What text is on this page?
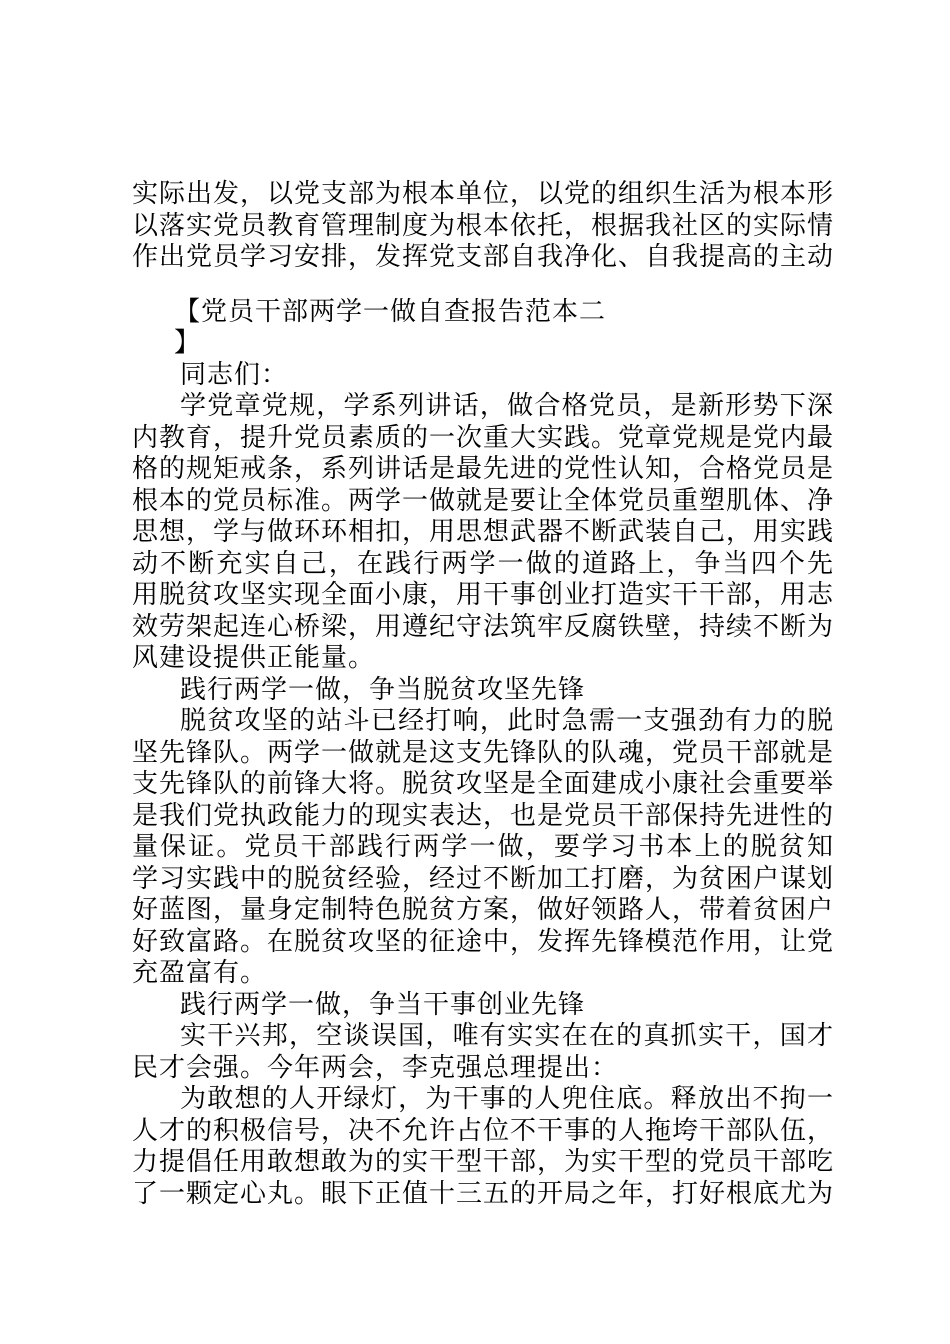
实际出发，以党支部为根本单位，以党的组织生活为根本形
以落实党员教育管理制度为根本依托，根据我社区的实际情
作出党员学习安排，发挥党支部自我净化、自我提高的主动
【党员干部两学一做自查报告范本二
】
同志们：
学党章党规，学系列讲话，做合格党员，是新形势下深
内教育，提升党员素质的一次重大实践。党章党规是党内最
格的规矩戒条，系列讲话是最先进的党性认知，合格党员是
根本的党员标准。两学一做就是要让全体党员重塑肌体、净
思想，学与做环环相扣，用思想武器不断武装自己，用实践
动不断充实自己，在践行两学一做的道路上，争当四个先
用脱贫攻坚实现全面小康，用干事创业打造实干干部，用志
效劳架起连心桥梁，用遵纪守法筑牢反腐铁壁，持续不断为
风建设提供正能量。
践行两学一做，争当脱贫攻坚先锋
脱贫攻坚的站斗已经打响，此时急需一支强劲有力的脱
坚先锋队。两学一做就是这支先锋队的队魂，党员干部就是
支先锋队的前锋大将。脱贫攻坚是全面建成小康社会重要举
是我们党执政能力的现实表达，也是党员干部保持先进性的
量保证。党员干部践行两学一做，要学习书本上的脱贫知
学习实践中的脱贫经验，经过不断加工打磨，为贫困户谋划
好蓝图，量身定制特色脱贫方案，做好领路人，带着贫困户
好致富路。在脱贫攻坚的征途中，发挥先锋模范作用，让党
充盈富有。
践行两学一做，争当干事创业先锋
实干兴邦，空谈误国，唯有实实在在的真抓实干，国才
民才会强。今年两会，李克强总理提出：
为敢想的人开绿灯，为干事的人兜住底。释放出不拘一
人才的积极信号，决不允许占位不干事的人拖垮干部队伍，
力提倡任用敢想敢为的实干型干部，为实干型的党员干部吃
了一颗定心丸。眼下正值十三五的开局之年，打好根底尤为
